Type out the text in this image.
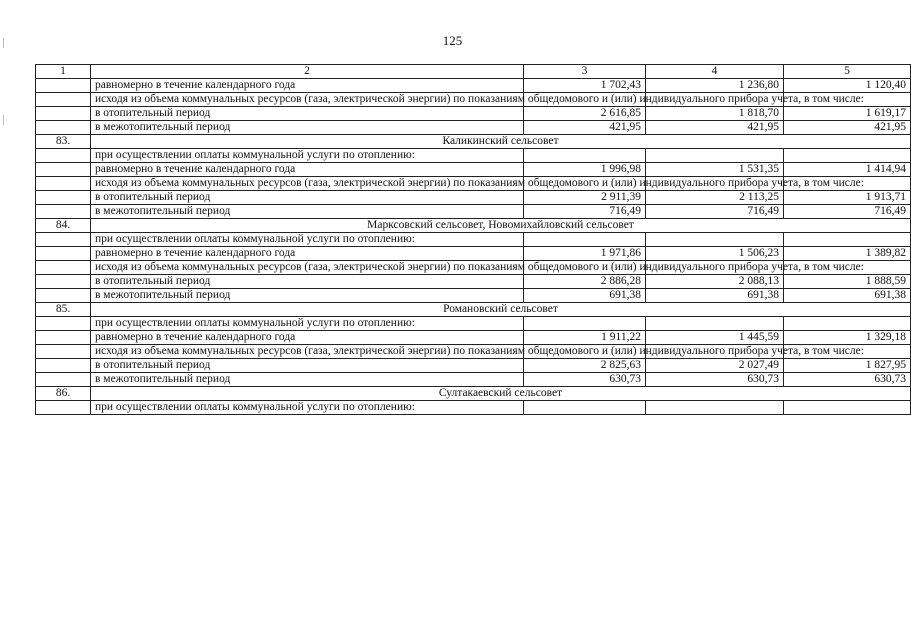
125
1	2	3	4	5
	равномерно в течение календарного года	1 702,43	1 236,80	1 120,40
	исходя из объема коммунальных ресурсов (газа, электрической энергии) по показаниям общедомового и (или) индивидуального прибора учета, в том числе:			
	в отопительный период	2 616,85	1 818,70	1 619,17
	в межотопительный период	421,95	421,95	421,95
83.	Каликинский сельсовет			
	при осуществлении оплаты коммунальной услуги по отоплению:			
	равномерно в течение календарного года	1 996,98	1 531,35	1 414,94
	исходя из объема коммунальных ресурсов (газа, электрической энергии) по показаниям общедомового и (или) индивидуального прибора учета, в том числе:			
	в отопительный период	2 911,39	2 113,25	1 913,71
	в межотопительный период	716,49	716,49	716,49
84.	Марксовский сельсовет, Новомихайловский сельсовет			
	при осуществлении оплаты коммунальной услуги по отоплению:			
	равномерно в течение календарного года	1 971,86	1 506,23	1 389,82
	исходя из объема коммунальных ресурсов (газа, электрической энергии) по показаниям общедомового и (или) индивидуального прибора учета, в том числе:			
	в отопительный период	2 886,28	2 088,13	1 888,59
	в межотопительный период	691,38	691,38	691,38
85.	Романовский сельсовет			
	при осуществлении оплаты коммунальной услуги по отоплению:			
	равномерно в течение календарного года	1 911,22	1 445,59	1 329,18
	исходя из объема коммунальных ресурсов (газа, электрической энергии) по показаниям общедомового и (или) индивидуального прибора учета, в том числе:			
	в отопительный период	2 825,63	2 027,49	1 827,95
	в межотопительный период	630,73	630,73	630,73
86.	Султакаевский сельсовет			
	при осуществлении оплаты коммунальной услуги по отоплению:			
